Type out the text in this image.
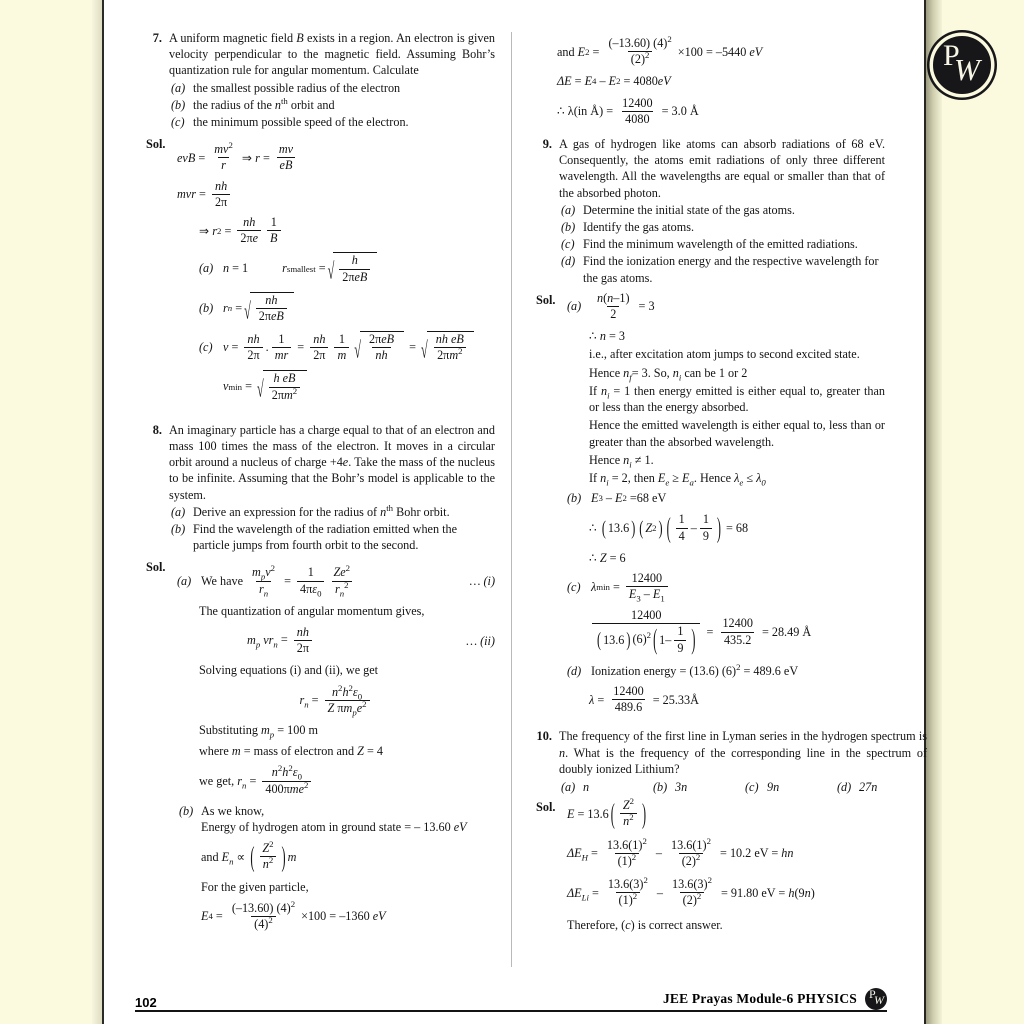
P
W
7. A uniform magnetic field B exists in a region. An electron is given velocity perpendicular to the magnetic field. Assuming Bohr’s quantization rule for angular momentum. Calculate
(a) the smallest possible radius of the electron
(b) the radius of the $n^{th}$ orbit and
(c) the minimum possible speed of the electron.
Sol.
evB = $\frac{mv^2}{r}$ ⇒ $r = \frac{mv}{eB}$
mvr = $\frac{nh}{2\pi}$
⇒ r $2 = \frac{nh}{2\pi e} \frac{1}{B}$
(a) n = 1	r smallest = √ $\frac{h}{\text{2πeB}}$
(b) r n = √ $\frac{nh}{\text{2πeB}}$
(c) $v = \frac{nh}{2\pi}$ . $\frac{1}{mr} = \frac{nh}{2\pi} \frac{1}{m}$ √ $\frac{\text{2πeB}}{nh}$ = √ $\frac{\text{nh eB}}{2\pi m^2}$
v min = √ $\frac{\text{h eB}}{2\pi m^2}$
8. An imaginary particle has a charge equal to that of an electron and mass 100 times the mass of the electron. It moves in a circular orbit around a nucleus of charge +4e. Take the mass of the nucleus to be infinite. Assuming that the Bohr’s model is applicable to the system.
(a) Derive an expression for the radius of $n^{th}$ Bohr orbit.
(b) Find the wavelength of the radiation emitted when the particle jumps from fourth orbit to the second.
Sol.
(a) We have
$\frac{m_pv^2}{r_n} = \frac{1}{4\pi\varepsilon_0} \frac{Ze^2}{r_n^2}$	… (i)
The quantization of angular momentum gives,
$m_p$ $vr_n = \frac{nh}{2\pi}$	… (ii)
Solving equations (i) and (ii), we get
$r_n = \frac{n^2h^2\varepsilon_0}{Z \pi m_pe^2}$
Substituting $m_p = 100$ m
where m = mass of electron and Z = 4
we get,
$r_n = \frac{n^2h^2\varepsilon_0}{400\pi me^2}$
(b) As we know,
Energy of hydrogen atom in ground state = – 13.60 eV
and
$E_n$ ∝ ( $\frac{Z^2}{n^2}$ ) m
For the given particle,
E $4 = \frac{(-13.60) (4)^2}{(4)^2} \times 100$
= –1360 eV
and
E $2 = \frac{(-13.60) (4)^2}{(2)^2} \times 100$
= –5440 eV
ΔE = E 4 – E 2 = 4080 eV
∴ λ(in Å) =
$\frac{12400}{4080}$
= 3.0 Å
9. A gas of hydrogen like atoms can absorb radiations of 68 eV. Consequently, the atoms emit radiations of only three different wavelength. All the wavelengths are equal or smaller than that of the absorbed photon.
(a) Determine the initial state of the gas atoms.
(b) Identify the gas atoms.
(c) Find the minimum wavelength of the emitted radiations.
(d) Find the ionization energy and the respective wavelength for the gas atoms.
Sol. (a)	$\frac{n(n-1)}{2}$
= 3
∴ n = 3
i.e., after excitation atom jumps to second excited state.
Hence $n_f= 3$. So, $n_i$ can be 1 or 2
If $n_i = 1$ then energy emitted is either equal to, greater than or less than the energy absorbed.
Hence the emitted wavelength is either equal to, less than or greater than the absorbed wavelength.
Hence $n_i \ne 1$.
If $n_i = 2$, then $E_e \ge E_a$. Hence $\lambda_e \le \lambda_0$
(b) E 3 – E 2 =68 eV
∴ ( 13.6 ) ( Z 2 ) ( $\frac{1}{4} - \frac{1}{9}$ )
= 68
∴ Z = 6
(c) λ $\min = \frac{12400}{E_3 - E_1}$
$\frac{12400}{( 13.6 ) (6)^2 ( 1- \frac{1}{9} )} = \frac{12400}{435.2}$
= 28.49 Å
(d) Ionization energy = (13.6) $(6)^2 = 489.6$ eV
$\lambda = \frac{12400}{489.6}$
= 25.33Å
10. The frequency of the first line in Lyman series in the hydrogen spectrum is n. What is the frequency of the corresponding line in the spectrum of doubly ionized Lithium?
(a) n	(b) 3n	(c) 9n	(d) 27n
Sol. E = 13.6 ( $\frac{Z^2}{n^2}$ )
$\Delta E_H = \frac{13.6(1)^2}{(1)^2} - \frac{13.6(1)^2}{(2)^2}$
= 10.2 eV = hn
$\Delta E_{Li} = \frac{13.6(3)^2}{(1)^2} - \frac{13.6(3)^2}{(2)^2}$
= 91.80 eV = h(9n)
Therefore, (c) is correct answer.
102	JEE Prayas Module-6 PHYSICS P
W
